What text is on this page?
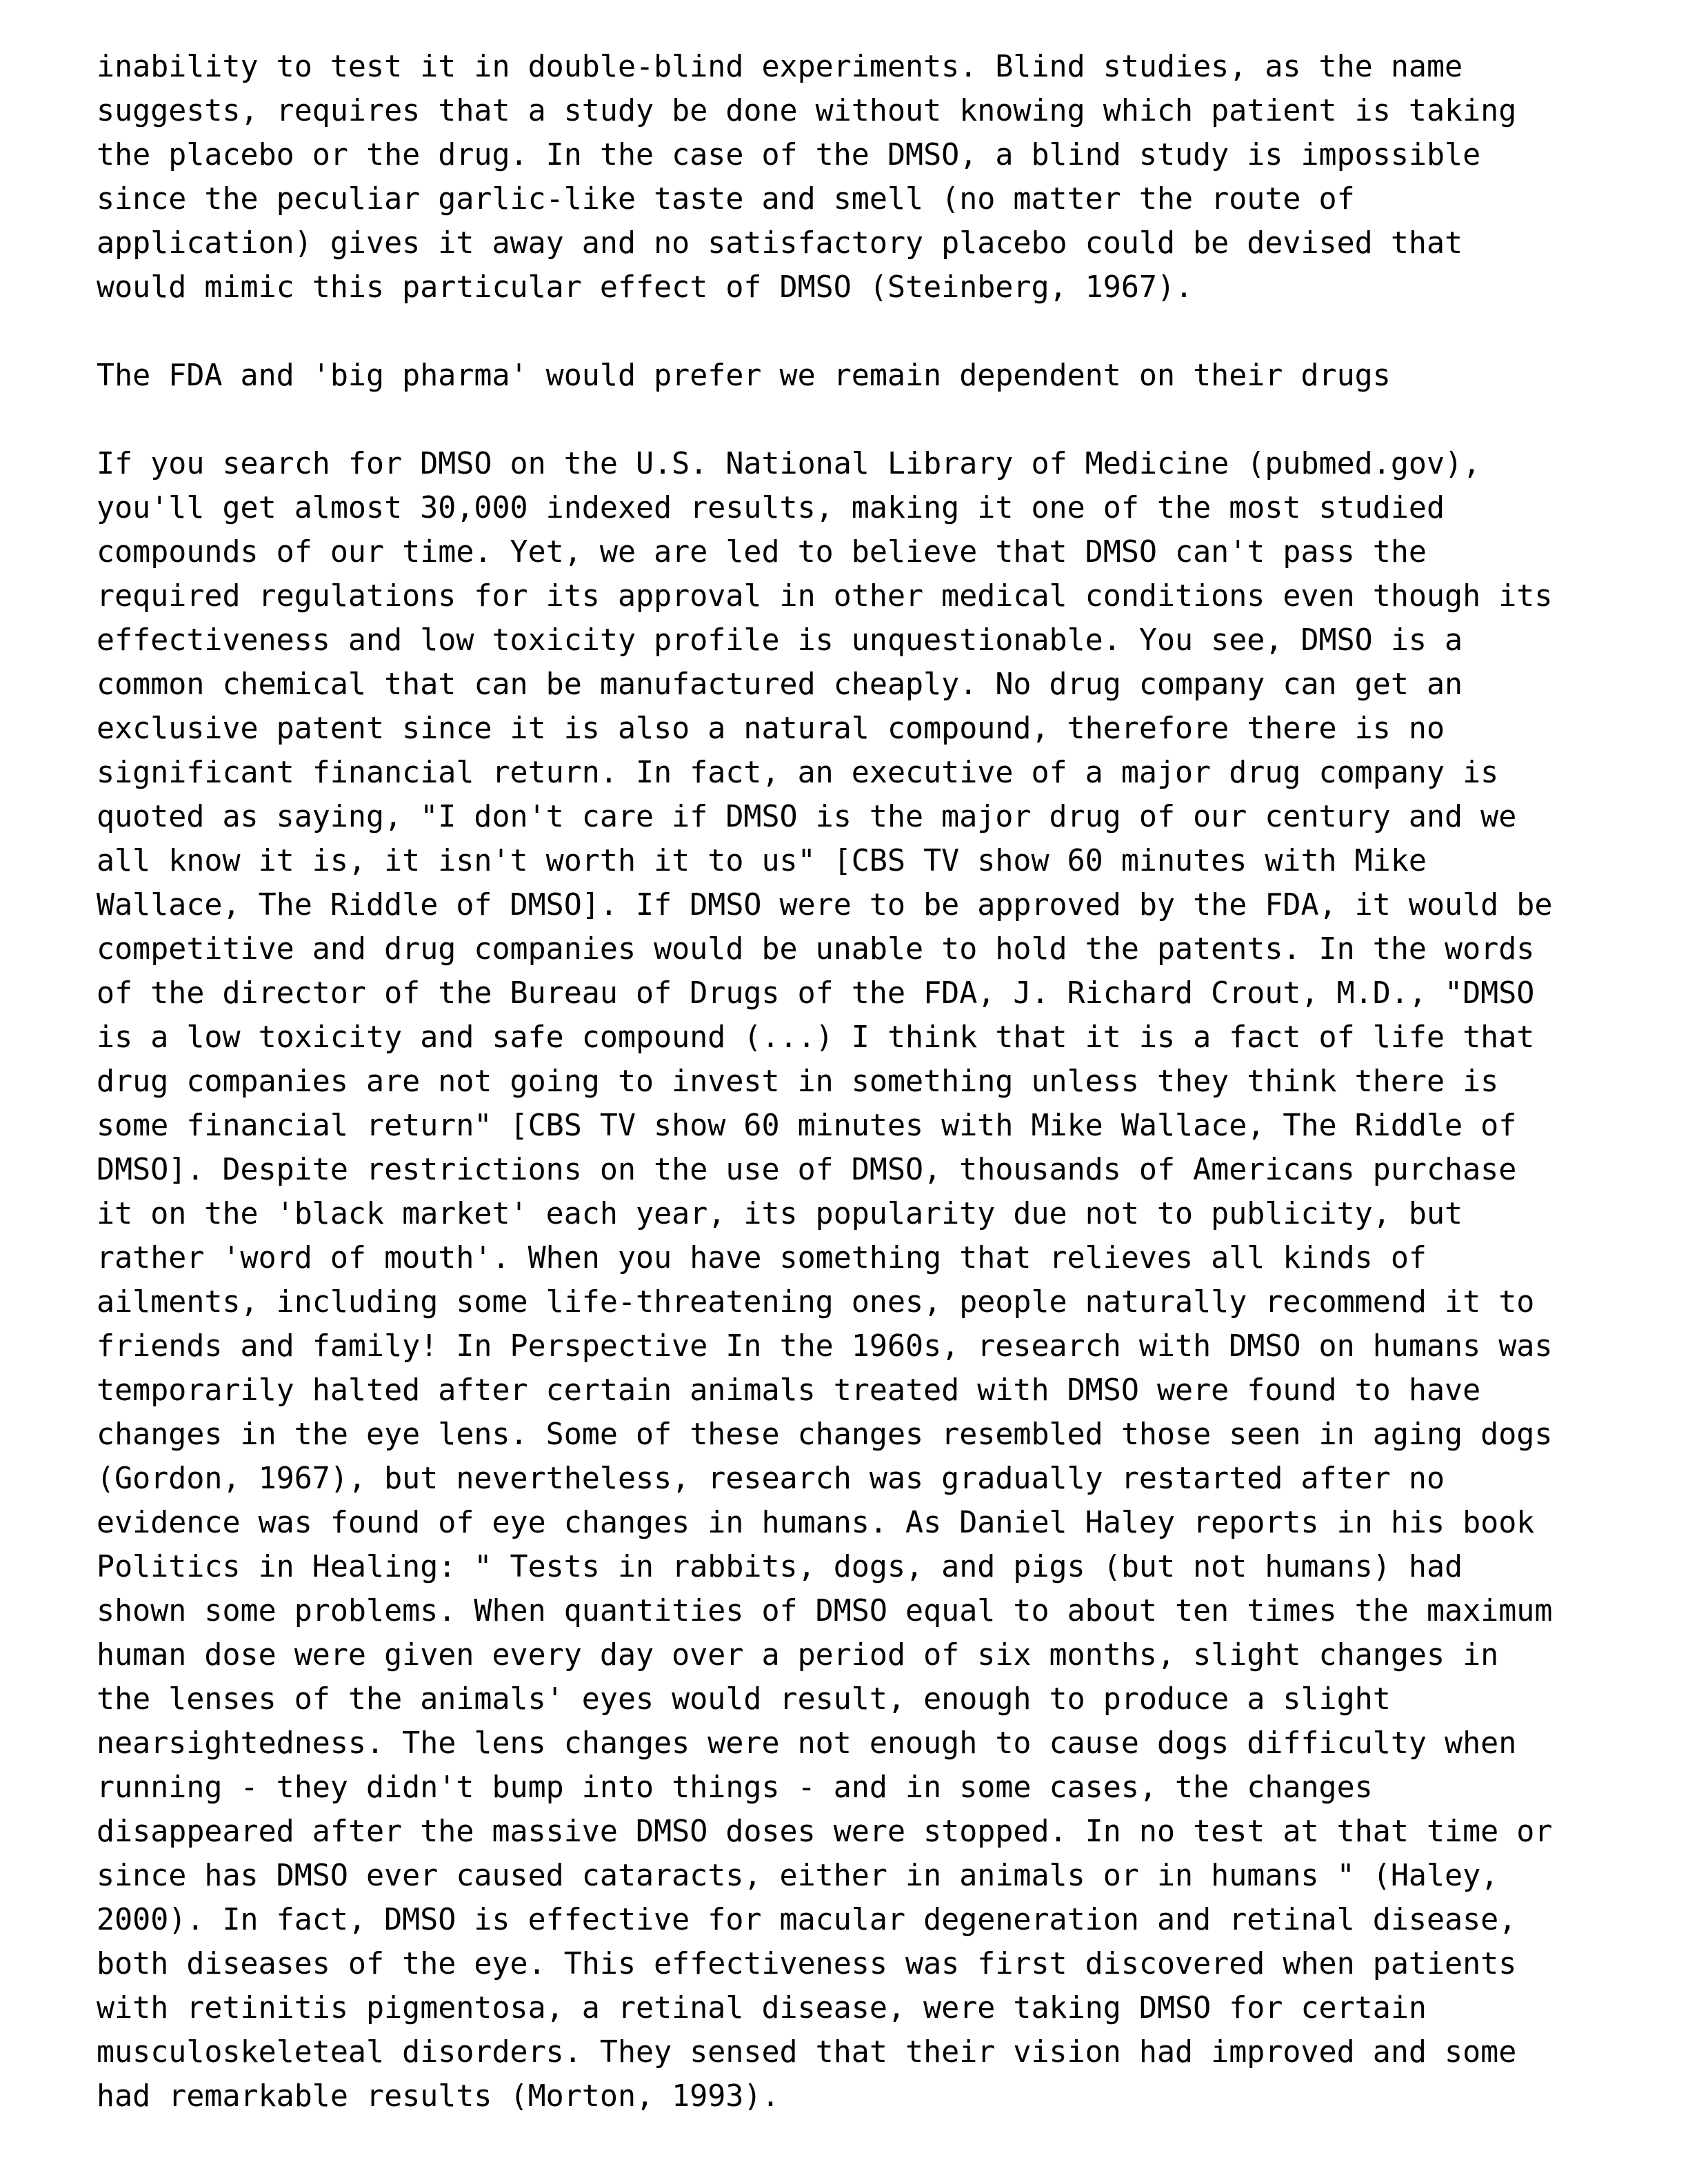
inability to test it in double-blind experiments. Blind studies, as the name
suggests, requires that a study be done without knowing which patient is taking
the placebo or the drug. In the case of the DMSO, a blind study is impossible
since the peculiar garlic-like taste and smell (no matter the route of
application) gives it away and no satisfactory placebo could be devised that
would mimic this particular effect of DMSO (Steinberg, 1967).
The FDA and 'big pharma' would prefer we remain dependent on their drugs
If you search for DMSO on the U.S. National Library of Medicine (pubmed.gov),
you'll get almost 30,000 indexed results, making it one of the most studied
compounds of our time. Yet, we are led to believe that DMSO can't pass the
required regulations for its approval in other medical conditions even though its
effectiveness and low toxicity profile is unquestionable. You see, DMSO is a
common chemical that can be manufactured cheaply. No drug company can get an
exclusive patent since it is also a natural compound, therefore there is no
significant financial return. In fact, an executive of a major drug company is
quoted as saying, "I don't care if DMSO is the major drug of our century and we
all know it is, it isn't worth it to us" [CBS TV show 60 minutes with Mike
Wallace, The Riddle of DMSO]. If DMSO were to be approved by the FDA, it would be
competitive and drug companies would be unable to hold the patents. In the words
of the director of the Bureau of Drugs of the FDA, J. Richard Crout, M.D., "DMSO
is a low toxicity and safe compound (...) I think that it is a fact of life that
drug companies are not going to invest in something unless they think there is
some financial return" [CBS TV show 60 minutes with Mike Wallace, The Riddle of
DMSO]. Despite restrictions on the use of DMSO, thousands of Americans purchase
it on the 'black market' each year, its popularity due not to publicity, but
rather 'word of mouth'. When you have something that relieves all kinds of
ailments, including some life-threatening ones, people naturally recommend it to
friends and family! In Perspective In the 1960s, research with DMSO on humans was
temporarily halted after certain animals treated with DMSO were found to have
changes in the eye lens. Some of these changes resembled those seen in aging dogs
(Gordon, 1967), but nevertheless, research was gradually restarted after no
evidence was found of eye changes in humans. As Daniel Haley reports in his book
Politics in Healing: " Tests in rabbits, dogs, and pigs (but not humans) had
shown some problems. When quantities of DMSO equal to about ten times the maximum
human dose were given every day over a period of six months, slight changes in
the lenses of the animals' eyes would result, enough to produce a slight
nearsightedness. The lens changes were not enough to cause dogs difficulty when
running - they didn't bump into things - and in some cases, the changes
disappeared after the massive DMSO doses were stopped. In no test at that time or
since has DMSO ever caused cataracts, either in animals or in humans " (Haley,
2000). In fact, DMSO is effective for macular degeneration and retinal disease,
both diseases of the eye. This effectiveness was first discovered when patients
with retinitis pigmentosa, a retinal disease, were taking DMSO for certain
musculoskeleteal disorders. They sensed that their vision had improved and some
had remarkable results (Morton, 1993).
